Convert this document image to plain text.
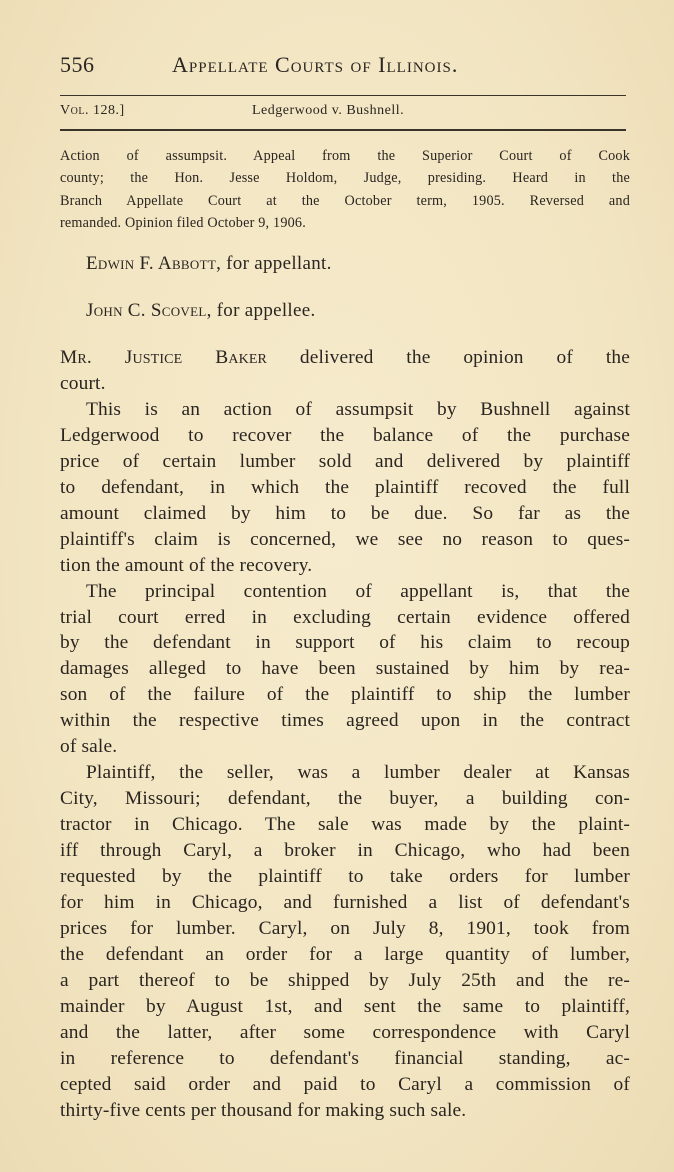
556	Appellate Courts of Illinois.
Vol. 128.]	Ledgerwood v. Bushnell.
Action of assumpsit. Appeal from the Superior Court of Cook
county; the Hon. Jesse Holdom, Judge, presiding. Heard in the
Branch Appellate Court at the October term, 1905. Reversed and
remanded. Opinion filed October 9, 1906.
Edwin F. Abbott, for appellant.
John C. Scovel, for appellee.
Mr. Justice Baker delivered the opinion of the
court.
This is an action of assumpsit by Bushnell against
Ledgerwood to recover the balance of the purchase
price of certain lumber sold and delivered by plaintiff
to defendant, in which the plaintiff recoved the full
amount claimed by him to be due. So far as the
plaintiff's claim is concerned, we see no reason to ques-
tion the amount of the recovery.
The principal contention of appellant is, that the
trial court erred in excluding certain evidence offered
by the defendant in support of his claim to recoup
damages alleged to have been sustained by him by rea-
son of the failure of the plaintiff to ship the lumber
within the respective times agreed upon in the contract
of sale.
Plaintiff, the seller, was a lumber dealer at Kansas
City, Missouri; defendant, the buyer, a building con-
tractor in Chicago. The sale was made by the plaint-
iff through Caryl, a broker in Chicago, who had been
requested by the plaintiff to take orders for lumber
for him in Chicago, and furnished a list of defendant's
prices for lumber. Caryl, on July 8, 1901, took from
the defendant an order for a large quantity of lumber,
a part thereof to be shipped by July 25th and the re-
mainder by August 1st, and sent the same to plaintiff,
and the latter, after some correspondence with Caryl
in reference to defendant's financial standing, ac-
cepted said order and paid to Caryl a commission of
thirty-five cents per thousand for making such sale.
